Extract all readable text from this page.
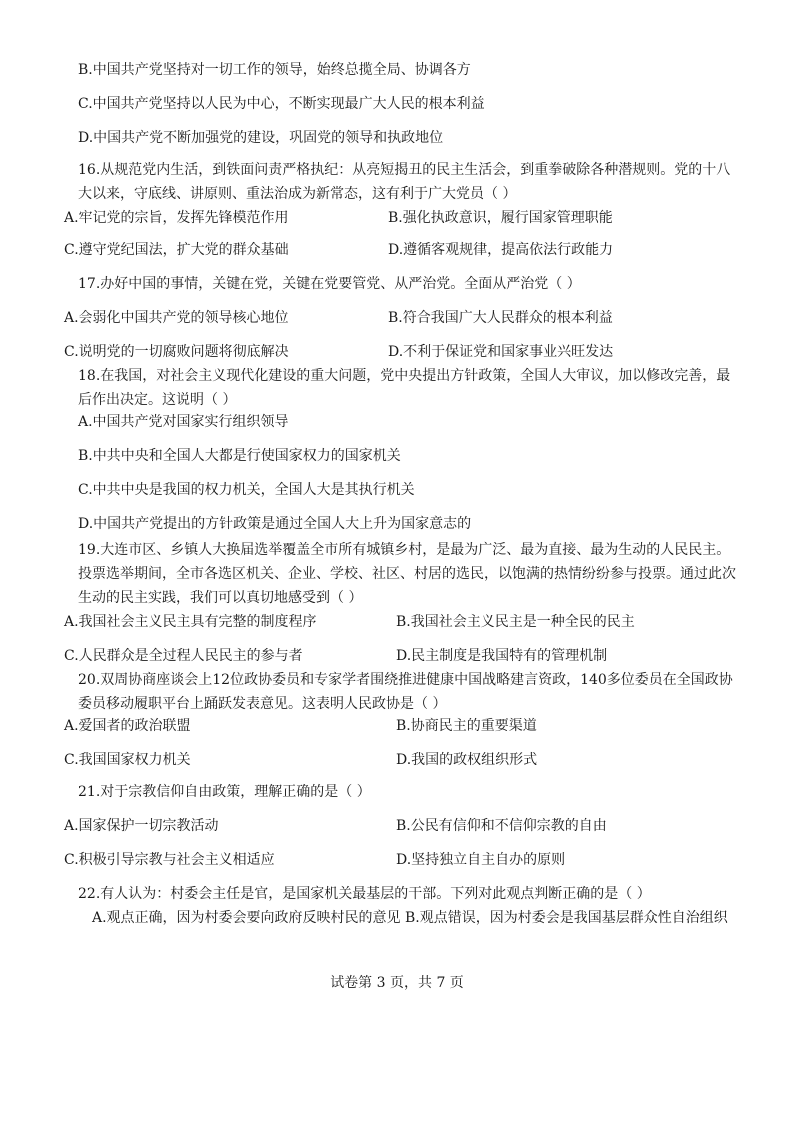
B.中国共产党坚持对一切工作的领导，始终总揽全局、协调各方
C.中国共产党坚持以人民为中心，不断实现最广大人民的根本利益
D.中国共产党不断加强党的建设，巩固党的领导和执政地位
16.从规范党内生活，到铁面问责严格执纪：从亮短揭丑的民主生活会，到重拳破除各种潜规则。党的十八大以来，守底线、讲原则、重法治成为新常态，这有利于广大党员（ ）
A.牢记党的宗旨，发挥先锋模范作用	B.强化执政意识，履行国家管理职能
C.遵守党纪国法，扩大党的群众基础	D.遵循客观规律，提高依法行政能力
17.办好中国的事情，关键在党，关键在党要管党、从严治党。全面从严治党（ ）
A.会弱化中国共产党的领导核心地位	B.符合我国广大人民群众的根本利益
C.说明党的一切腐败问题将彻底解决	D.不利于保证党和国家事业兴旺发达
18.在我国，对社会主义现代化建设的重大问题，党中央提出方针政策，全国人大审议，加以修改完善，最后作出决定。这说明（ ）
A.中国共产党对国家实行组织领导
B.中共中央和全国人大都是行使国家权力的国家机关
C.中共中央是我国的权力机关，全国人大是其执行机关
D.中国共产党提出的方针政策是通过全国人大上升为国家意志的
19.大连市区、乡镇人大换届选举覆盖全市所有城镇乡村，是最为广泛、最为直接、最为生动的人民民主。投票选举期间，全市各选区机关、企业、学校、社区、村居的选民，以饱满的热情纷纷参与投票。通过此次生动的民主实践，我们可以真切地感受到（ ）
A.我国社会主义民主具有完整的制度程序	B.我国社会主义民主是一种全民的民主
C.人民群众是全过程人民民主的参与者	D.民主制度是我国特有的管理机制
20.双周协商座谈会上12位政协委员和专家学者围绕推进健康中国战略建言资政，140多位委员在全国政协委员移动履职平台上踊跃发表意见。这表明人民政协是（ ）
A.爱国者的政治联盟	B.协商民主的重要渠道
C.我国国家权力机关	D.我国的政权组织形式
21.对于宗教信仰自由政策，理解正确的是（ ）
A.国家保护一切宗教活动	B.公民有信仰和不信仰宗教的自由
C.积极引导宗教与社会主义相适应	D.坚持独立自主自办的原则
22.有人认为：村委会主任是官，是国家机关最基层的干部。下列对此观点判断正确的是（ ）
A.观点正确，因为村委会要向政府反映村民的意见 B.观点错误，因为村委会是我国基层群众性自治组织
试卷第 3 页，共 7 页
